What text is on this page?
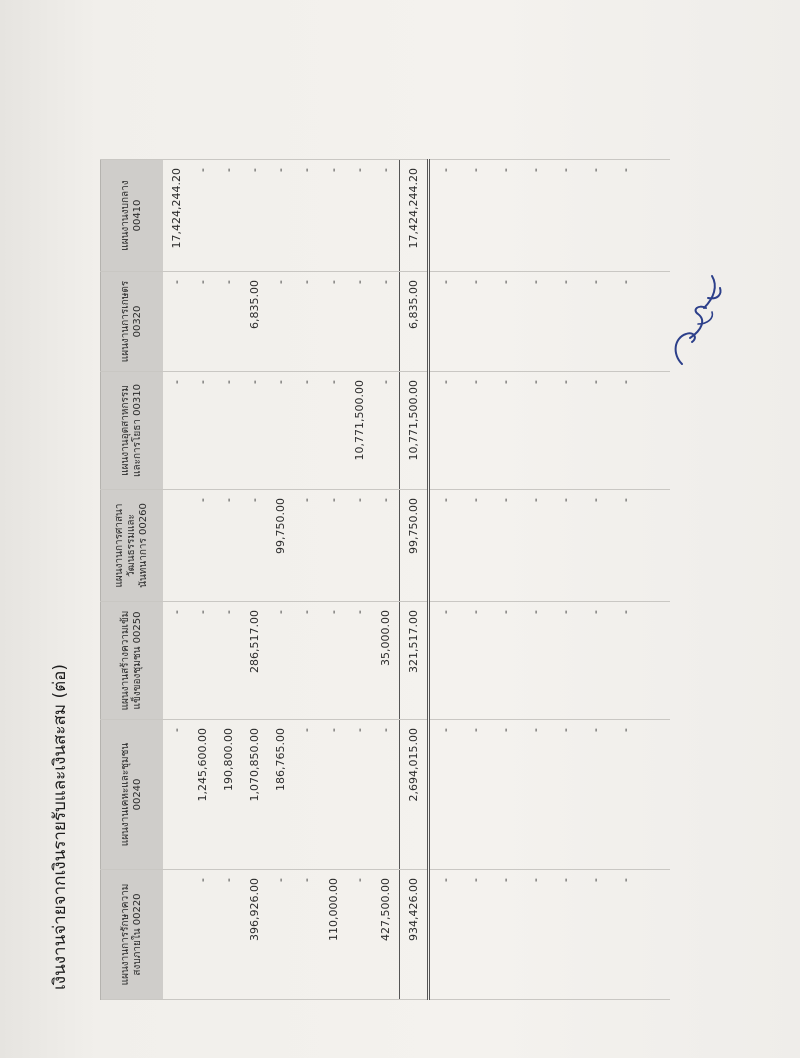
เงินงานจ่ายจากเงินรายรับและเงินสะสม (ต่อ)	แผนงานการรักษาความสงบภายใน 00220	แผนงานเคหะและชุมชน 00240	แผนงานสร้างความเข้มแข็งของชุมชน 00250	แผนงานการศาสนา วัฒนธรรมและนันทนาการ 00260	แผนงานอุตสาหกรรมและการโยธา 00310	แผนงานการเกษตร 00320	แผนงานงบกลาง 00410
	-	-		-	-	17,424,244.20
-	1,245,600.00	-	-	-	-	-
-	190,800.00	-	-	-	-	-
396,926.00	1,070,850.00	286,517.00	-	-	6,835.00	-
-	186,765.00	-	99,750.00	-	-	-
-	-	-	-	-	-	-
110,000.00	-	-	-	-	-	-
-	-	-	-	10,771,500.00	-	-
427,500.00	-	35,000.00	-	-	-	-
934,426.00	2,694,015.00	321,517.00	99,750.00	10,771,500.00	6,835.00	17,424,244.20
-	-	-	-	-	-	-
-	-	-	-	-	-	-
-	-	-	-	-	-	-
-	-	-	-	-	-	-
-	-	-	-	-	-	-
-	-	-	-	-	-	-
-	-	-	-	-	-	-
